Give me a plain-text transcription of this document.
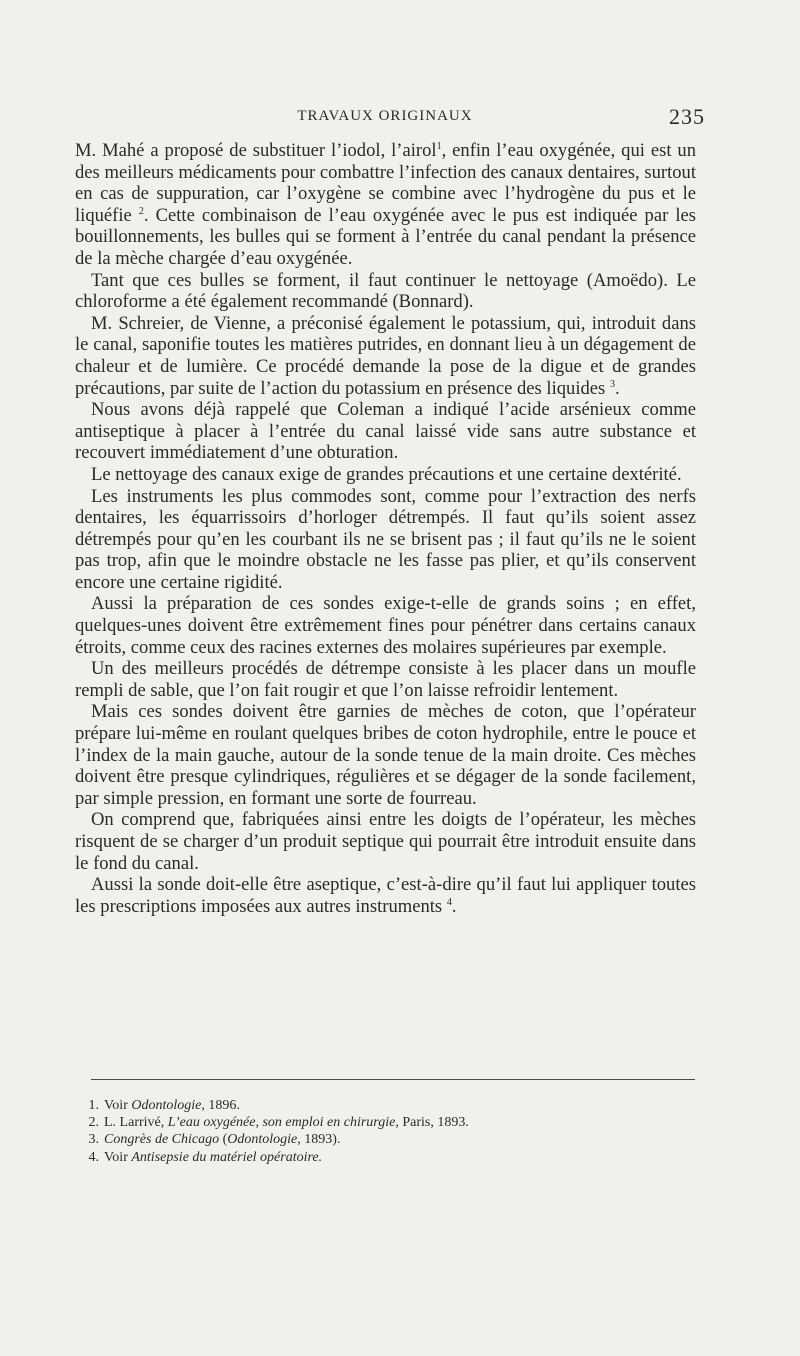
TRAVAUX ORIGINAUX	235

M. Mahé a proposé de substituer l’iodol, l’airol$^1$, enfin l’eau oxygénée, qui est un des meilleurs médicaments pour combattre l’infection des canaux dentaires, surtout en cas de suppuration, car l’oxygène se combine avec l’hydrogène du pus et le liquéfie $^2$. Cette combinaison de l’eau oxygénée avec le pus est indiquée par les bouillonnements, les bulles qui se forment à l’entrée du canal pendant la présence de la mèche chargée d’eau oxygénée.

Tant que ces bulles se forment, il faut continuer le nettoyage (Amoëdo). Le chloroforme a été également recommandé (Bonnard).

M. Schreier, de Vienne, a préconisé également le potassium, qui, introduit dans le canal, saponifie toutes les matières putrides, en donnant lieu à un dégagement de chaleur et de lumière. Ce procédé demande la pose de la digue et de grandes précautions, par suite de l’action du potassium en présence des liquides $^3$.

Nous avons déjà rappelé que Coleman a indiqué l’acide arsénieux comme antiseptique à placer à l’entrée du canal laissé vide sans autre substance et recouvert immédiatement d’une obturation.

Le nettoyage des canaux exige de grandes précautions et une certaine dextérité.

Les instruments les plus commodes sont, comme pour l’extraction des nerfs dentaires, les équarrissoirs d’horloger détrempés. Il faut qu’ils soient assez détrempés pour qu’en les courbant ils ne se brisent pas ; il faut qu’ils ne le soient pas trop, afin que le moindre obstacle ne les fasse pas plier, et qu’ils conservent encore une certaine rigidité.

Aussi la préparation de ces sondes exige-t-elle de grands soins ; en effet, quelques-unes doivent être extrêmement fines pour pénétrer dans certains canaux étroits, comme ceux des racines externes des molaires supérieures par exemple.

Un des meilleurs procédés de détrempe consiste à les placer dans un moufle rempli de sable, que l’on fait rougir et que l’on laisse refroidir lentement.

Mais ces sondes doivent être garnies de mèches de coton, que l’opérateur prépare lui-même en roulant quelques bribes de coton hydrophile, entre le pouce et l’index de la main gauche, autour de la sonde tenue de la main droite. Ces mèches doivent être presque cylindriques, régulières et se dégager de la sonde facilement, par simple pression, en formant une sorte de fourreau.

On comprend que, fabriquées ainsi entre les doigts de l’opérateur, les mèches risquent de se charger d’un produit septique qui pourrait être introduit ensuite dans le fond du canal.

Aussi la sonde doit-elle être aseptique, c’est-à-dire qu’il faut lui appliquer toutes les prescriptions imposées aux autres instruments $^4$.

1. Voir Odontologie, 1896.
2. L. Larrivé, L’eau oxygénée, son emploi en chirurgie, Paris, 1893.
3. Congrès de Chicago (Odontologie, 1893).
4. Voir Antisepsie du matériel opératoire.
